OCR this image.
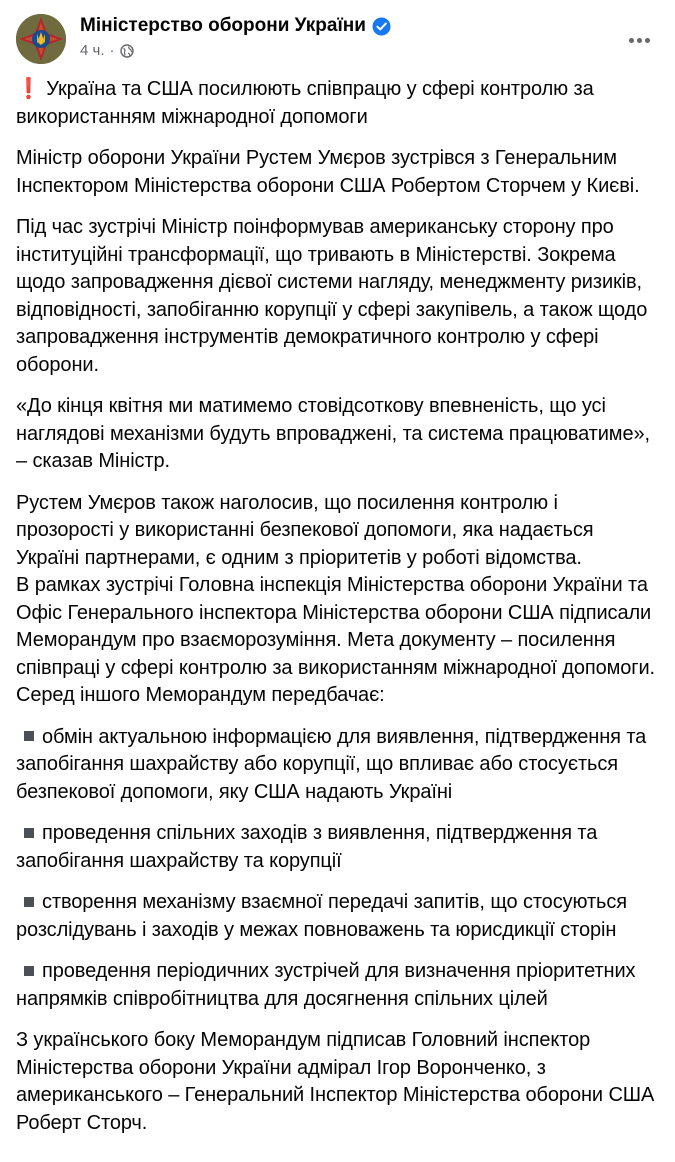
Міністерство оборони України
4 ч. ·

❗ Україна та США посилюють співпрацю у сфері контролю за використанням міжнародної допомоги

Міністр оборони України Рустем Умєров зустрівся з Генеральним Інспектором Міністерства оборони США Робертом Сторчем у Києві.

Під час зустрічі Міністр поінформував американську сторону про інституційні трансформації, що тривають в Міністерстві. Зокрема щодо запровадження дієвої системи нагляду, менеджменту ризиків, відповідності, запобіганню корупції у сфері закупівель, а також щодо запровадження інструментів демократичного контролю у сфері оборони.

«До кінця квітня ми матимемо стовідсоткову впевненість, що усі наглядові механізми будуть впроваджені, та система працюватиме», – сказав Міністр.

Рустем Умєров також наголосив, що посилення контролю і прозорості у використанні безпекової допомоги, яка надається Україні партнерами, є одним з пріоритетів у роботі відомства.

В рамках зустрічі Головна інспекція Міністерства оборони України та Офіс Генерального інспектора Міністерства оборони США підписали Меморандум про взаєморозуміння. Мета документу – посилення співпраці у сфері контролю за використанням міжнародної допомоги.

Серед іншого Меморандум передбачає:

обмін актуальною інформацією для виявлення, підтвердження та запобігання шахрайству або корупції, що впливає або стосується безпекової допомоги, яку США надають Україні

проведення спільних заходів з виявлення, підтвердження та запобігання шахрайству та корупції

створення механізму взаємної передачі запитів, що стосуються розслідувань і заходів у межах повноважень та юрисдикції сторін

проведення періодичних зустрічей для визначення пріоритетних напрямків співробітництва для досягнення спільних цілей

З українського боку Меморандум підписав Головний інспектор Міністерства оборони України адмірал Ігор Воронченко, з американського – Генеральний Інспектор Міністерства оборони США Роберт Сторч.
